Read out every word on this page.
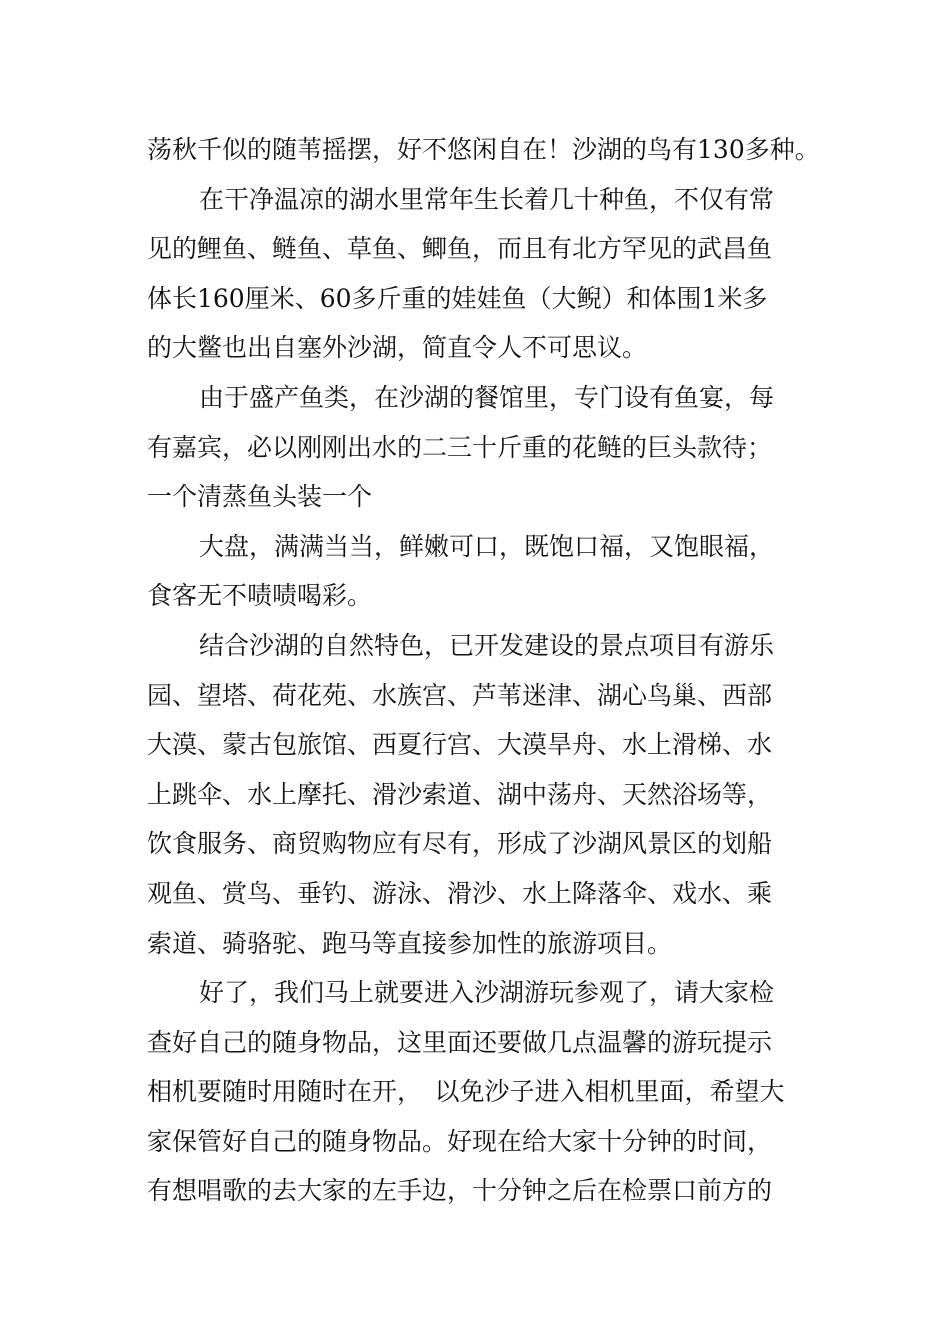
荡秋千似的随苇摇摆，好不悠闲自在！沙湖的鸟有130多种。
在干净温凉的湖水里常年生长着几十种鱼，不仅有常
见的鲤鱼、鲢鱼、草鱼、鲫鱼，而且有北方罕见的武昌鱼
体长160厘米、60多斤重的娃娃鱼（大鲵）和体围1米多
的大鳖也出自塞外沙湖，简直令人不可思议。
由于盛产鱼类，在沙湖的餐馆里，专门设有鱼宴，每
有嘉宾，必以刚刚出水的二三十斤重的花鲢的巨头款待；
一个清蒸鱼头装一个
大盘，满满当当，鲜嫩可口，既饱口福，又饱眼福，
食客无不啧啧喝彩。
结合沙湖的自然特色，已开发建设的景点项目有游乐
园、望塔、荷花苑、水族宫、芦苇迷津、湖心鸟巢、西部
大漠、蒙古包旅馆、西夏行宫、大漠旱舟、水上滑梯、水
上跳伞、水上摩托、滑沙索道、湖中荡舟、天然浴场等，
饮食服务、商贸购物应有尽有，形成了沙湖风景区的划船
观鱼、赏鸟、垂钓、游泳、滑沙、水上降落伞、戏水、乘
索道、骑骆驼、跑马等直接参加性的旅游项目。
好了，我们马上就要进入沙湖游玩参观了，请大家检
查好自己的随身物品，这里面还要做几点温馨的游玩提示
相机要随时用随时在开，　以免沙子进入相机里面，希望大
家保管好自己的随身物品。好现在给大家十分钟的时间，
有想唱歌的去大家的左手边，十分钟之后在检票口前方的
